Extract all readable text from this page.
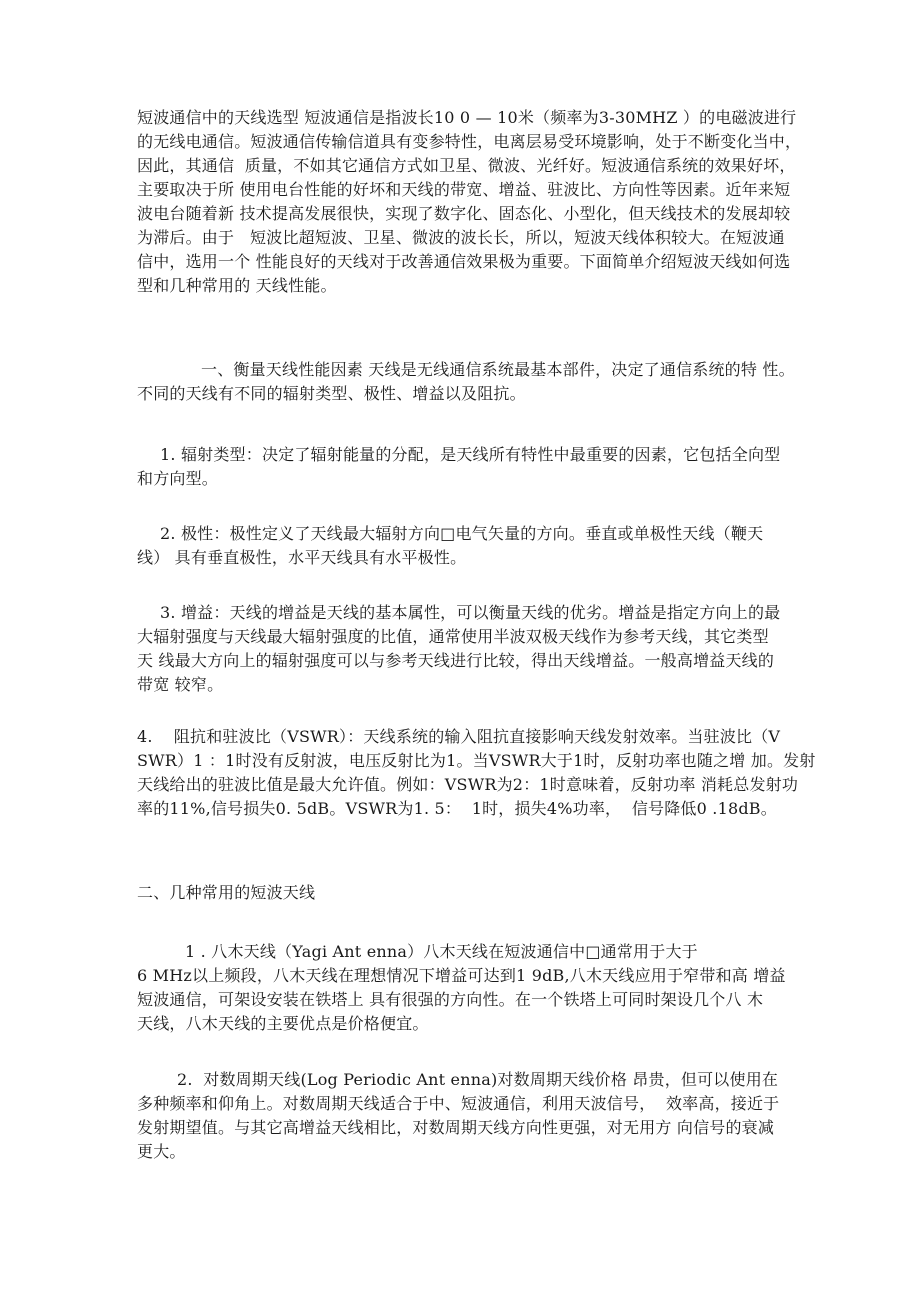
短波通信中的天线选型 短波通信是指波长10 0 — 10米（频率为3-30MHZ ）的电磁波进行
的无线电通信。短波通信传输信道具有变参特性，电离层易受环境影响，处于不断变化当中，
因此，其通信  质量，不如其它通信方式如卫星、微波、光纤好。短波通信系统的效果好坏，
主要取决于所 使用电台性能的好坏和天线的带宽、增益、驻波比、方向性等因素。近年来短
波电台随着新 技术提高发展很快，实现了数字化、固态化、小型化，但天线技术的发展却较
为滞后。由于   短波比超短波、卫星、微波的波长长，所以，短波天线体积较大。在短波通
信中，选用一个 性能良好的天线对于改善通信效果极为重要。下面简单介绍短波天线如何选
型和几种常用的 天线性能。
一、衡量天线性能因素 天线是无线通信系统最基本部件，决定了通信系统的特 性。
不同的天线有不同的辐射类型、极性、增益以及阻抗。
1. 辐射类型：决定了辐射能量的分配，是天线所有特性中最重要的因素，它包括全向型
和方向型。
2. 极性：极性定义了天线最大辐射方向□电气矢量的方向。垂直或单极性天线（鞭天
线） 具有垂直极性，水平天线具有水平极性。
3. 增益：天线的增益是天线的基本属性，可以衡量天线的优劣。增益是指定方向上的最
大辐射强度与天线最大辐射强度的比值，通常使用半波双极天线作为参考天线，其它类型
天 线最大方向上的辐射强度可以与参考天线进行比较，得出天线增益。一般高增益天线的
带宽 较窄。
4.    阻抗和驻波比（VSWR）：天线系统的输入阻抗直接影响天线发射效率。当驻波比（V
SWR）1 ：1时没有反射波，电压反射比为1。当VSWR大于1时，反射功率也随之增 加。发射
天线给出的驻波比值是最大允许值。例如：VSWR为2：1时意味着，反射功率 消耗总发射功
率的11%,信号损失0. 5dB。VSWR为1. 5：  1时，损失4%功率，  信号降低0 .18dB。
二、几种常用的短波天线
1 . 八木天线（Yagi Ant enna）八木天线在短波通信中□通常用于大于
6 MHz以上频段，八木天线在理想情况下增益可达到1 9dB,八木天线应用于窄带和高 增益
短波通信，可架设安装在铁塔上 具有很强的方向性。在一个铁塔上可同时架设几个八 木
天线，八木天线的主要优点是价格便宜。
2.  对数周期天线(Log Periodic Ant enna)对数周期天线价格 昂贵，但可以使用在
多种频率和仰角上。对数周期天线适合于中、短波通信，利用天波信号，  效率高，接近于
发射期望值。与其它高增益天线相比，对数周期天线方向性更强，对无用方 向信号的衰减
更大。
